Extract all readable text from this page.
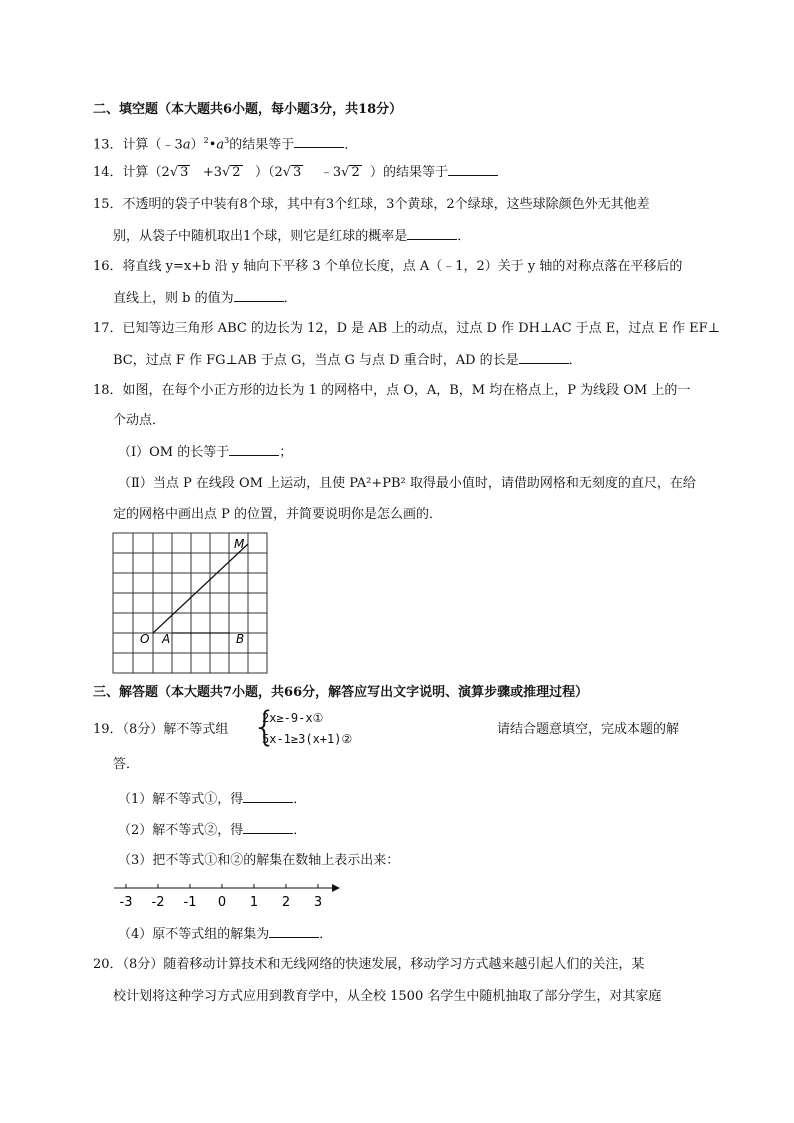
二、填空题（本大题共6小题，每小题3分，共18分）
13．计算$(﹣3a)^2•a^3$的结果等于	．
14．计算（2√ 3 +3√ 2 ）（2√ 3 ﹣3√ 2 ）的结果等于
15．不透明的袋子中装有8个球，其中有3个红球，3个黄球，2个绿球，这些球除颜色外无其他差
别，从袋子中随机取出1个球，则它是红球的概率是	．
16．将直线 y=x+b 沿 y 轴向下平移 3 个单位长度，点 A（﹣1，2）关于 y 轴的对称点落在平移后的
直线上，则 b 的值为	．
17．已知等边三角形 ABC 的边长为 12，D 是 AB 上的动点，过点 D 作 DH⊥AC 于点 E，过点 E 作 EF⊥
BC，过点 F 作 FG⊥AB 于点 G，当点 G 与点 D 重合时，AD 的长是	．
18．如图，在每个小正方形的边长为 1 的网格中，点 O，A，B，M 均在格点上，P 为线段 OM 上的一
个动点．
（I）OM 的长等于	；
（Ⅱ）当点 P 在线段 OM 上运动，且使 PA²+PB² 取得最小值时，请借助网格和无刻度的直尺，在给
定的网格中画出点 P 的位置，并简要说明你是怎么画的．
O A	B
M
三、解答题（本大题共7小题，共66分，解答应写出文字说明、演算步骤或推理过程）
19．（8分）解不等式组 {
2x≥-9-x①
5x-1≥3(x+1)②
请结合题意填空，完成本题的解
答．
（1）解不等式①，得	．
（2）解不等式②，得	．
（3）把不等式①和②的解集在数轴上表示出来：
-3 -2 -1 0 1 2 3
（4）原不等式组的解集为	．
20．（8分）随着移动计算技术和无线网络的快速发展，移动学习方式越来越引起人们的关注，某
校计划将这种学习方式应用到教育学中，从全校 1500 名学生中随机抽取了部分学生，对其家庭
